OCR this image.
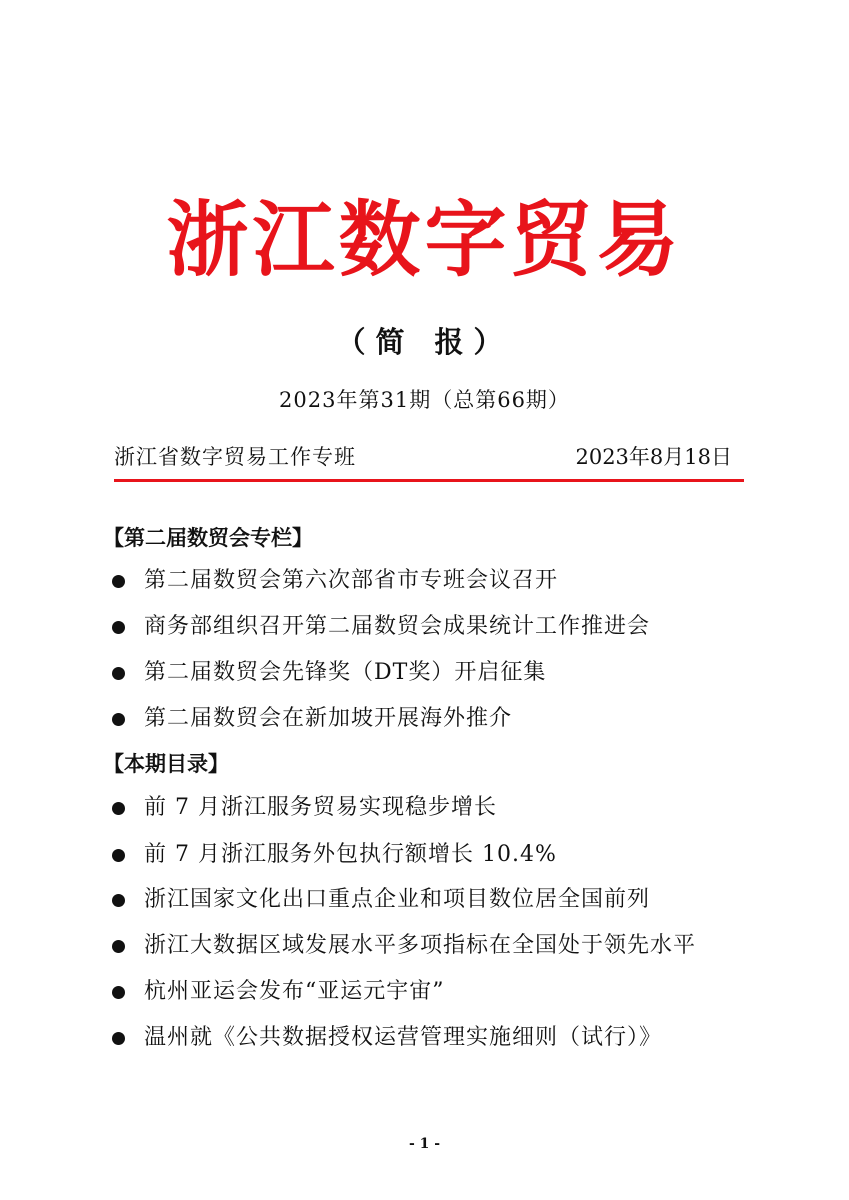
浙江数字贸易
（简 报）
2023年第31期（总第66期）
浙江省数字贸易工作专班	2023年8月18日
【第二届数贸会专栏】
第二届数贸会第六次部省市专班会议召开
商务部组织召开第二届数贸会成果统计工作推进会
第二届数贸会先锋奖（DT奖）开启征集
第二届数贸会在新加坡开展海外推介
【本期目录】
前 7 月浙江服务贸易实现稳步增长
前 7 月浙江服务外包执行额增长 10.4%
浙江国家文化出口重点企业和项目数位居全国前列
浙江大数据区域发展水平多项指标在全国处于领先水平
杭州亚运会发布“亚运元宇宙”
温州就《公共数据授权运营管理实施细则（试行）》
- 1 -
